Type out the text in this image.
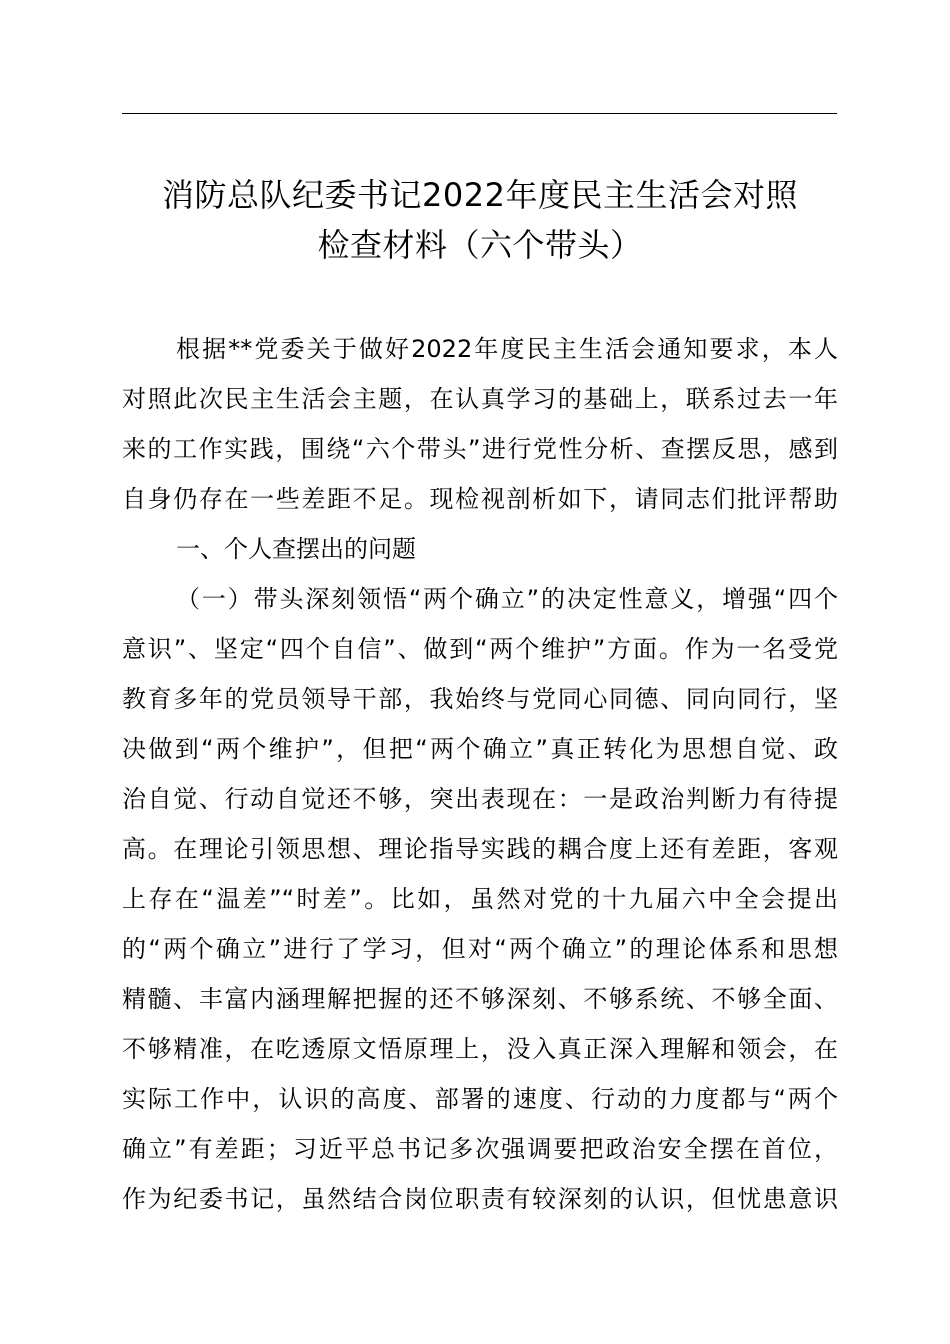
消防总队纪委书记2022年度民主生活会对照
检查材料（六个带头）
根据**党委关于做好2022年度民主生活会通知要求，本人
对照此次民主生活会主题，在认真学习的基础上，联系过去一年
来的工作实践，围绕“六个带头”进行党性分析、查摆反思，感到
自身仍存在一些差距不足。现检视剖析如下，请同志们批评帮助
一、个人查摆出的问题
（一）带头深刻领悟“两个确立”的决定性意义，增强“四个
意识”、坚定“四个自信”、做到“两个维护”方面。作为一名受党
教育多年的党员领导干部，我始终与党同心同德、同向同行，坚
决做到“两个维护”，但把“两个确立”真正转化为思想自觉、政
治自觉、行动自觉还不够，突出表现在：一是政治判断力有待提
高。在理论引领思想、理论指导实践的耦合度上还有差距，客观
上存在“温差”“时差”。比如，虽然对党的十九届六中全会提出
的“两个确立”进行了学习，但对“两个确立”的理论体系和思想
精髓、丰富内涵理解把握的还不够深刻、不够系统、不够全面、
不够精准，在吃透原文悟原理上，没入真正深入理解和领会，在
实际工作中，认识的高度、部署的速度、行动的力度都与“两个
确立”有差距；习近平总书记多次强调要把政治安全摆在首位，
作为纪委书记，虽然结合岗位职责有较深刻的认识，但忧患意识
